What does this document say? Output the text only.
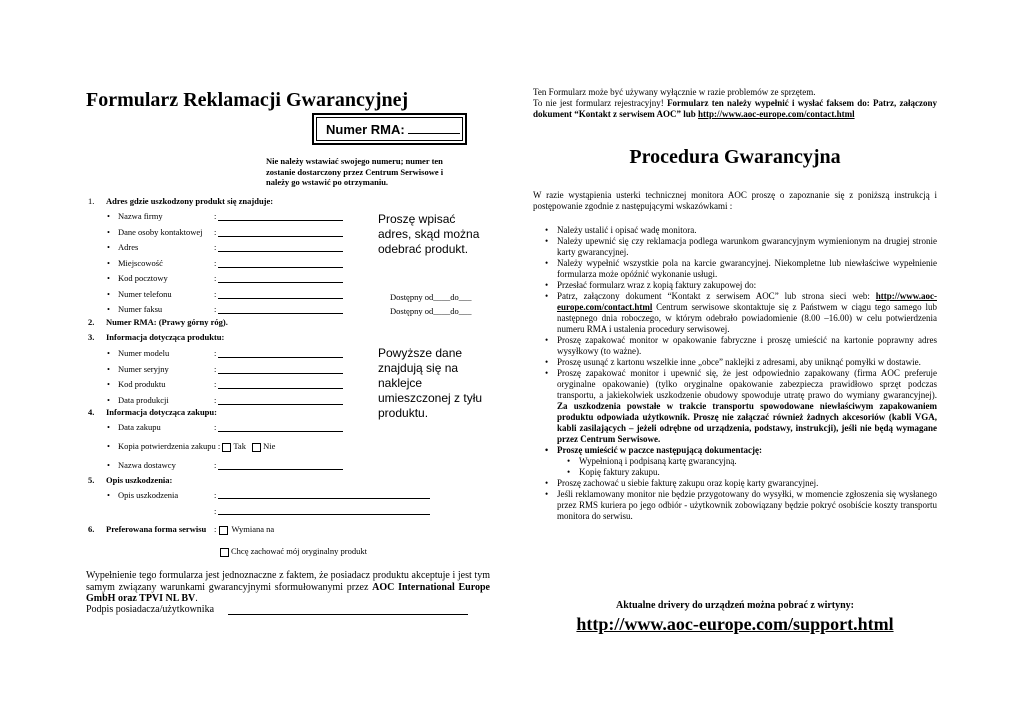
Formularz Reklamacji Gwarancyjnej
Numer RMA:
Nie należy wstawiać swojego numeru; numer ten zostanie dostarczony przez Centrum Serwisowe i należy go wstawić po otrzymaniu.
1. Adres gdzie uszkodzony produkt się znajduje:
Nazwa firmy	:
Dane osoby kontaktowej :
Adres	:
Miejscowość	:
Kod pocztowy	:
Numer telefonu	:
Numer faksu	:
Proszę wpisać adres, skąd można odebrać produkt.
Dostępny od____do___
Dostępny od____do___
2. Numer RMA: (Prawy górny róg).
3. Informacja dotycząca produktu:
Numer modelu	:
Numer seryjny	:
Kod produktu	:
Data produkcji	:
Powyższe dane znajdują się na naklejce umieszczonej z tyłu produktu.
4. Informacja dotycząca zakupu:
Data zakupu	:
Kopia potwierdzenia zakupu : Tak Nie
Nazwa dostawcy	:
5. Opis uszkodzenia:
Opis uszkodzenia	:
:
6. Preferowana forma serwisu : Wymiana na
Chcę zachować mój oryginalny produkt
Wypełnienie tego formularza jest jednoznaczne z faktem, że posiadacz produktu akceptuje i jest tym samym związany warunkami gwarancyjnymi sformułowanymi przez AOC International Europe GmbH oraz TPVI NL BV.
Podpis posiadacza/użytkownika
Ten Formularz może być używany wyłącznie w razie problemów ze sprzętem.
To nie jest formularz rejestracyjny! Formularz ten należy wypełnić i wysłać faksem do: Patrz, załączony dokument “Kontakt z serwisem AOC” lub http://www.aoc-europe.com/contact.html
Procedura Gwarancyjna
W razie wystąpienia usterki technicznej monitora AOC proszę o zapoznanie się z poniższą instrukcją i postępowanie zgodnie z następującymi wskazówkami :
• Należy ustalić i opisać wadę monitora.
• Należy upewnić się czy reklamacja podlega warunkom gwarancyjnym wymienionym na drugiej stronie karty gwarancyjnej.
• Należy wypełnić wszystkie pola na karcie gwarancyjnej. Niekompletne lub niewłaściwe wypełnienie formularza może opóźnić wykonanie usługi.
• Przesłać formularz wraz z kopią faktury zakupowej do:
• Patrz, załączony dokument “Kontakt z serwisem AOC” lub strona sieci web: http://www.aoc-europe.com/contact.html Centrum serwisowe skontaktuje się z Państwem w ciągu tego samego lub następnego dnia roboczego, w którym odebrało powiadomienie (8.00 –16.00) w celu potwierdzenia numeru RMA i ustalenia procedury serwisowej.
• Proszę zapakować monitor w opakowanie fabryczne i proszę umieścić na kartonie poprawny adres wysyłkowy (to ważne).
• Proszę usunąć z kartonu wszelkie inne „obce” naklejki z adresami, aby uniknąć pomyłki w dostawie.
• Proszę zapakować monitor i upewnić się, że jest odpowiednio zapakowany (firma AOC preferuje oryginalne opakowanie) (tylko oryginalne opakowanie zabezpiecza prawidłowo sprzęt podczas transportu, a jakiekolwiek uszkodzenie obudowy spowoduje utratę prawo do wymiany gwarancyjnej). Za uszkodzenia powstałe w trakcie transportu spowodowane niewłaściwym zapakowaniem produktu odpowiada użytkownik. Proszę nie załączać również żadnych akcesoriów (kabli VGA, kabli zasilających – jeżeli odrębne od urządzenia, podstawy, instrukcji), jeśli nie będą wymagane przez Centrum Serwisowe.
• Proszę umieścić w paczce następującą dokumentację:
• Wypełnioną i podpisaną kartę gwarancyjną.
• Kopię faktury zakupu.
• Proszę zachować u siebie fakturę zakupu oraz kopię karty gwarancyjnej.
• Jeśli reklamowany monitor nie będzie przygotowany do wysyłki, w momencie zgłoszenia się wysłanego przez RMS kuriera po jego odbiór - użytkownik zobowiązany będzie pokryć osobiście koszty transportu monitora do serwisu.
Aktualne drivery do urządzeń można pobrać z wirtyny:
http://www.aoc-europe.com/support.html
